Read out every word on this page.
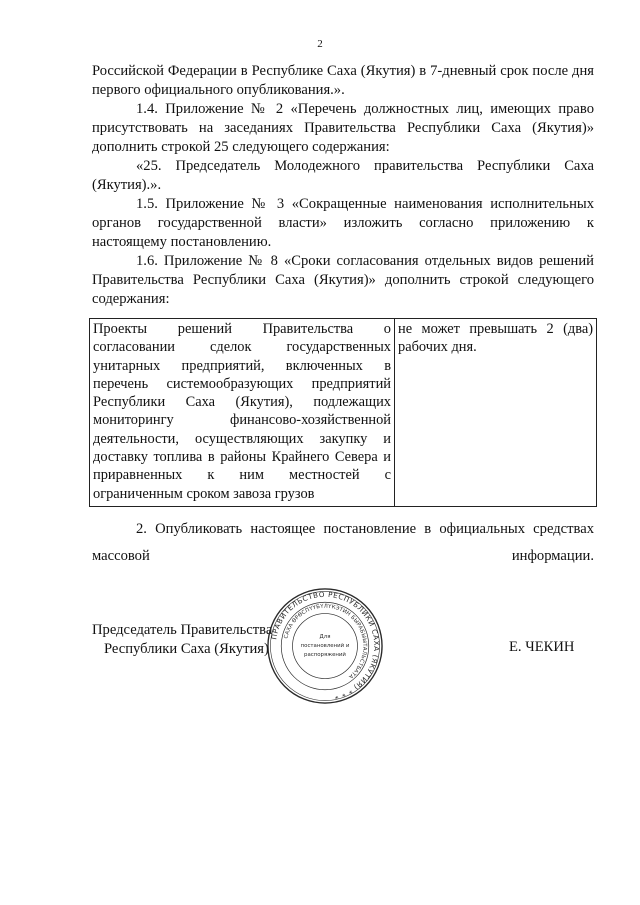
2

Российской Федерации в Республике Саха (Якутия) в 7-дневный срок после дня первого официального опубликования.».

1.4. Приложение № 2 «Перечень должностных лиц, имеющих право присутствовать на заседаниях Правительства Республики Саха (Якутия)» дополнить строкой 25 следующего содержания:

«25. Председатель Молодежного правительства Республики Саха (Якутия).».

1.5. Приложение № 3 «Сокращенные наименования исполнительных органов государственной власти» изложить согласно приложению к настоящему постановлению.

1.6. Приложение № 8 «Сроки согласования отдельных видов решений Правительства Республики Саха (Якутия)» дополнить строкой следующего содержания:

Проекты решений Правительства о согласовании сделок государственных унитарных предприятий, включенных в перечень системообразующих предприятий Республики Саха (Якутия), подлежащих мониторингу финансово-хозяйственной деятельности, осуществляющих закупку и доставку топлива в районы Крайнего Севера и приравненных к ним местностей с ограниченным сроком завоза грузов	не может превышать 2 (два) рабочих дня.

2. Опубликовать настоящее постановление в официальных средствах массовой информации.

Председатель Правительства
Республики Саха (Якутия)
ПРАВИТЕЛЬСТВО РЕСПУБЛИКИ САХА (ЯКУТИЯ) * * *
САХА ӨРӨСПҮҮБҮЛҮКЭТИН БЫРАБЫЫТАЛЬСТБАТА
Для
постановлений и
распоряжений	Е. ЧЕКИН
